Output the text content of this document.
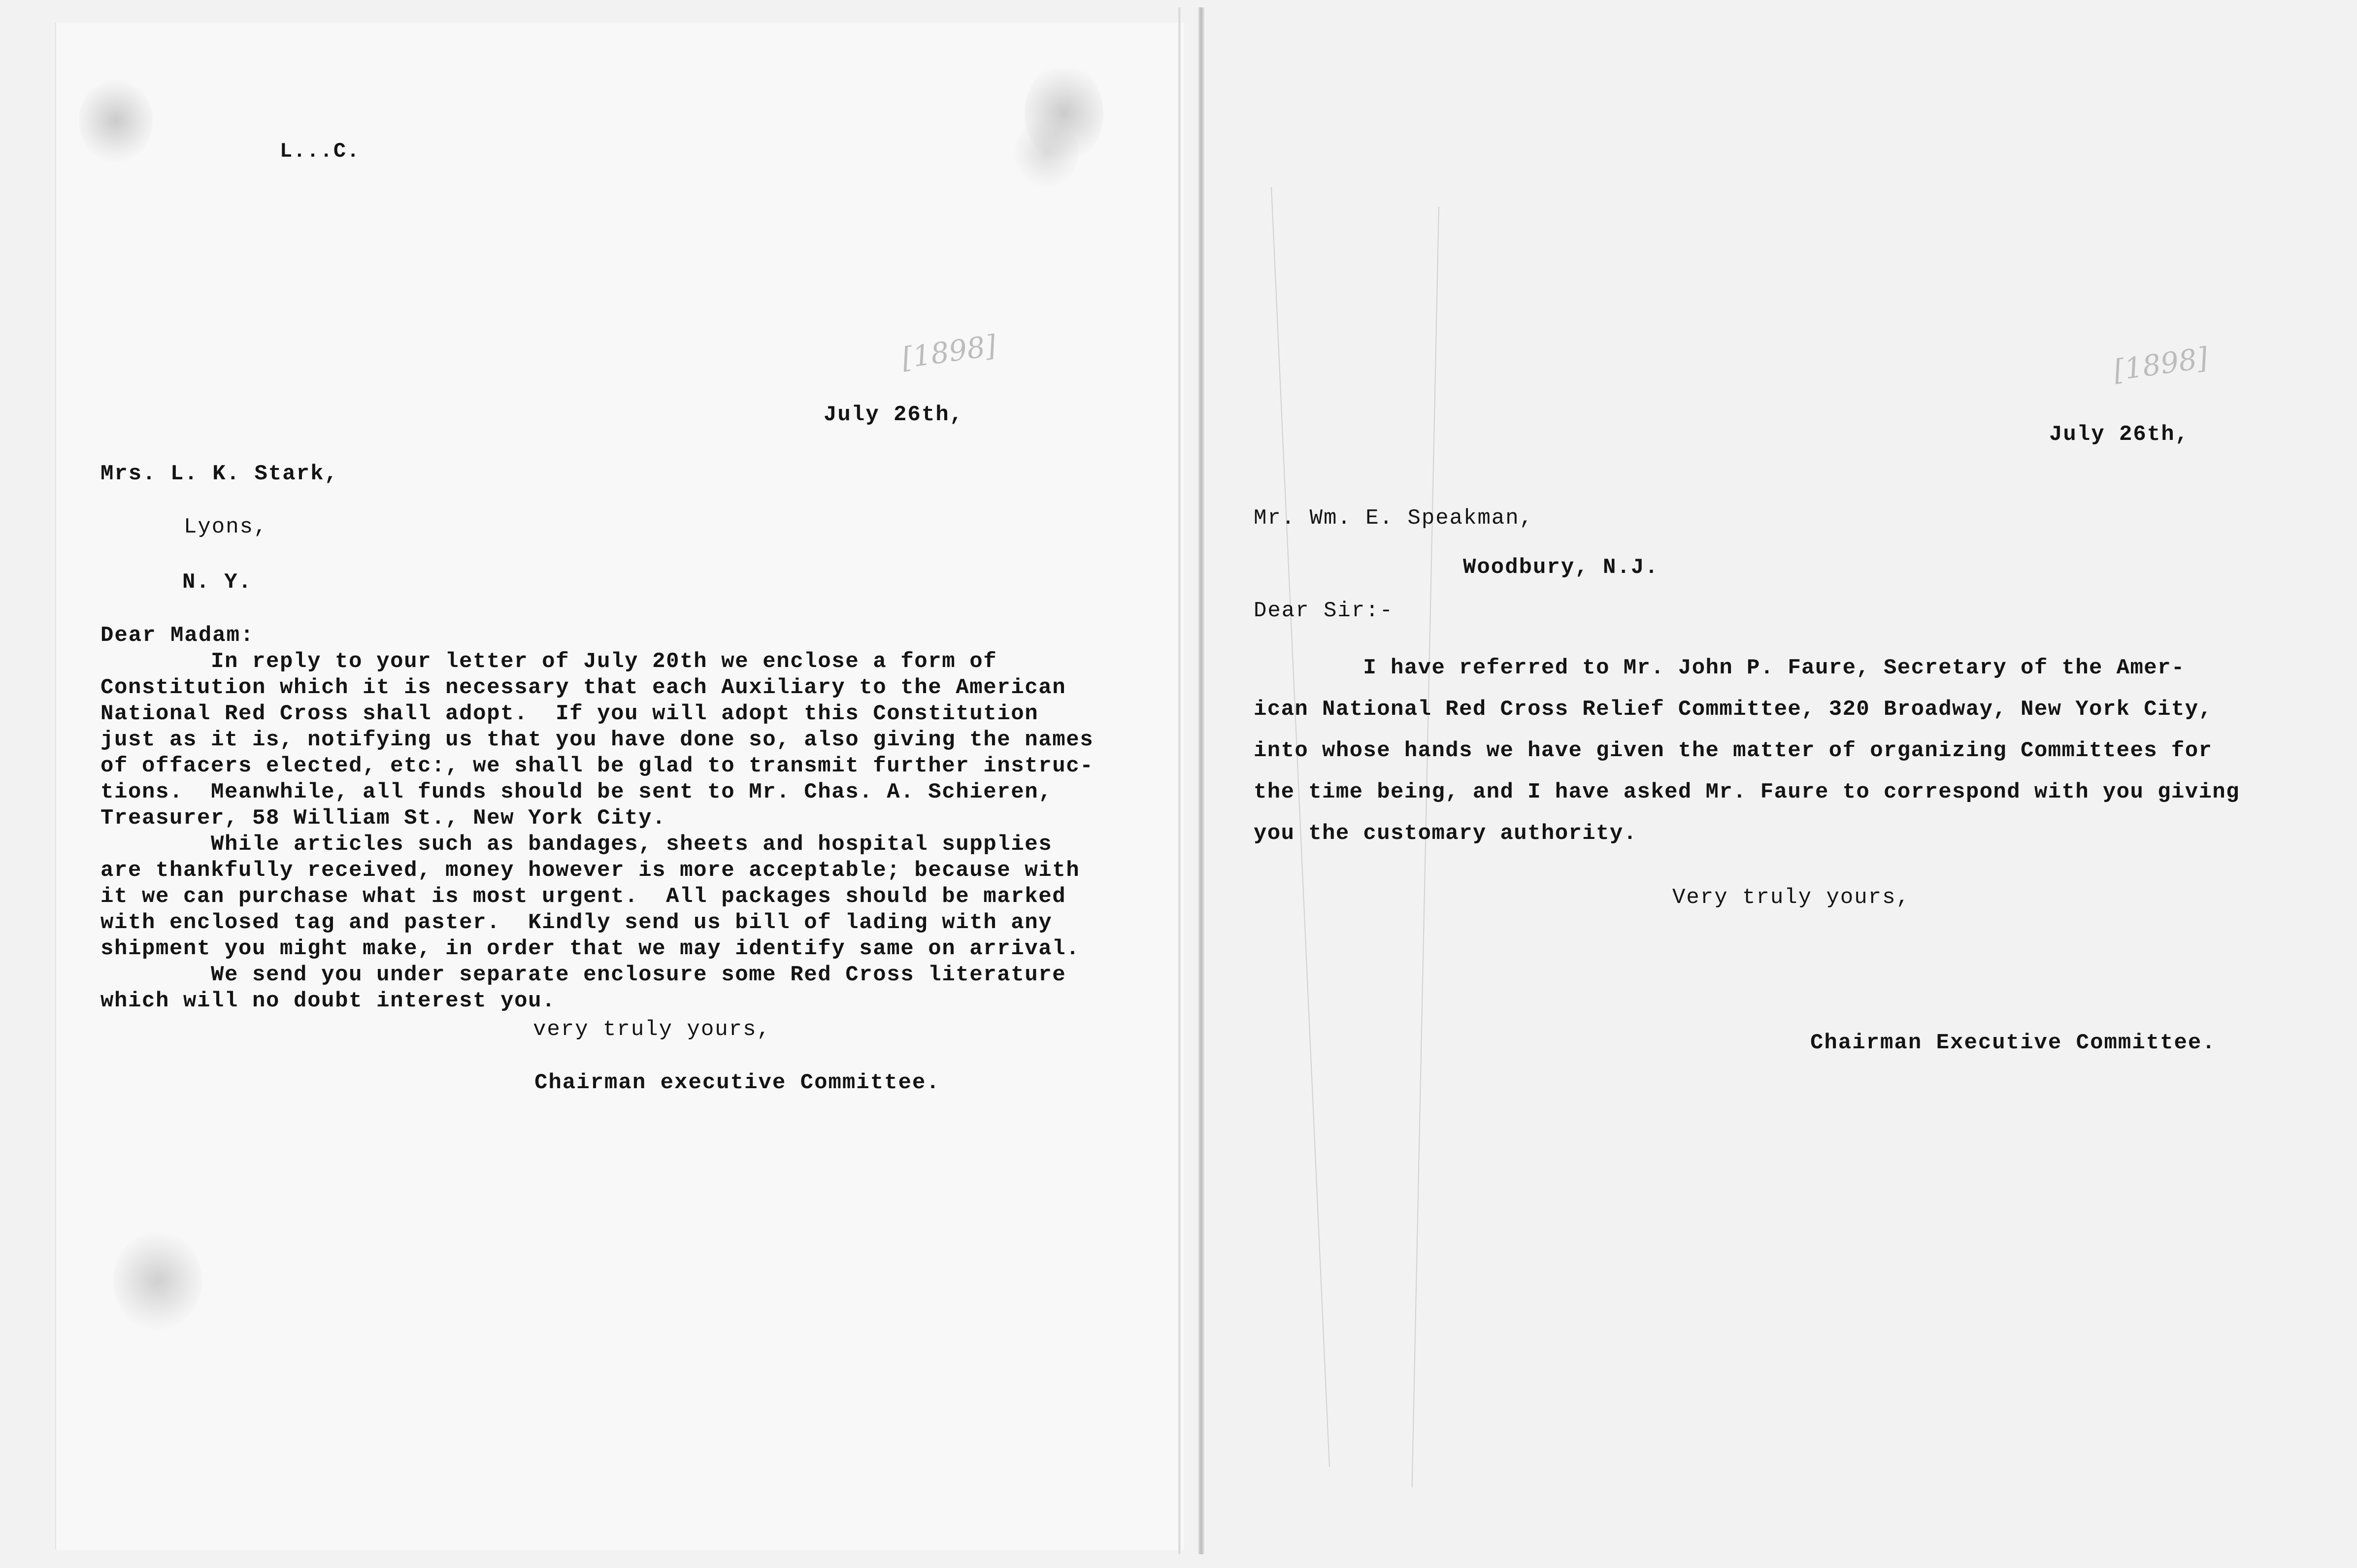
L...C.
[1898]
July 26th,
Mrs. L. K. Stark,
Lyons,
N. Y.
Dear Madam:
In reply to your letter of July 20th we enclose a form of
Constitution which it is necessary that each Auxiliary to the American
National Red Cross shall adopt.  If you will adopt this Constitution
just as it is, notifying us that you have done so, also giving the names
of offacers elected, etc:, we shall be glad to transmit further instruc-
tions.  Meanwhile, all funds should be sent to Mr. Chas. A. Schieren,
Treasurer, 58 William St., New York City.
While articles such as bandages, sheets and hospital supplies
are thankfully received, money however is more acceptable; because with
it we can purchase what is most urgent.  All packages should be marked
with enclosed tag and paster.  Kindly send us bill of lading with any
shipment you might make, in order that we may identify same on arrival.
We send you under separate enclosure some Red Cross literature
which will no doubt interest you.
very truly yours,
Chairman executive Committee.
[1898]
July 26th,
Mr. Wm. E. Speakman,
Woodbury, N.J.
Dear Sir:-
I have referred to Mr. John P. Faure, Secretary of the Amer-
ican National Red Cross Relief Committee, 320 Broadway, New York City,
into whose hands we have given the matter of organizing Committees for
the time being, and I have asked Mr. Faure to correspond with you giving
you the customary authority.
Very truly yours,
Chairman Executive Committee.
